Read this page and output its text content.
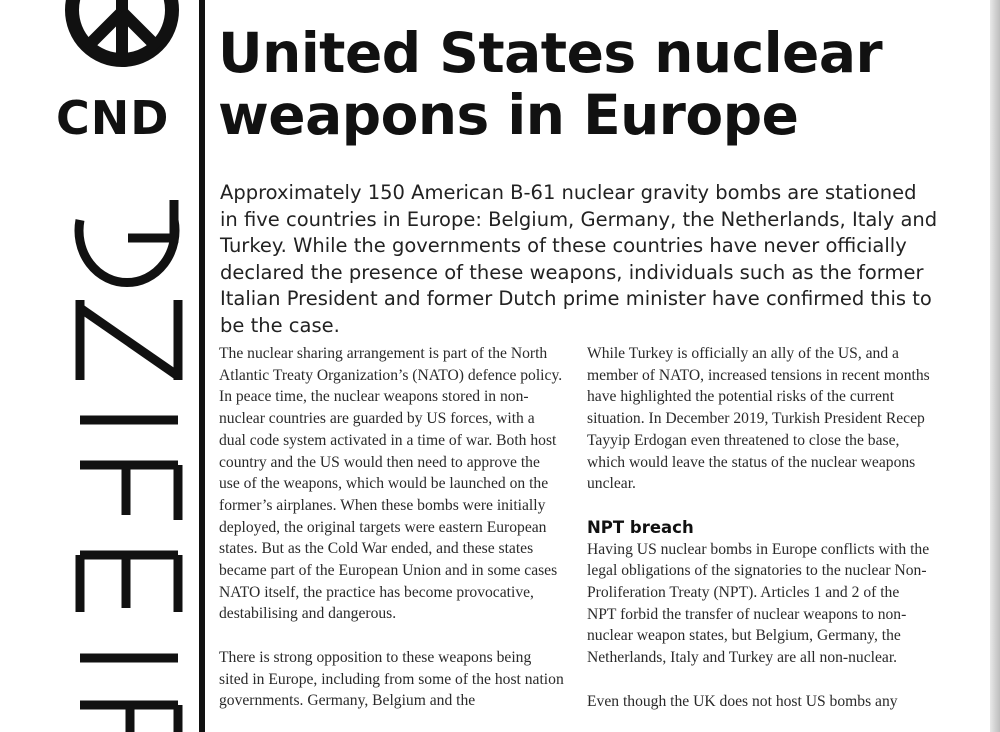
CND
United States nuclear
weapons in Europe

Approximately 150 American B-61 nuclear gravity bombs are stationed in five countries in Europe: Belgium, Germany, the Netherlands, Italy and Turkey. While the governments of these countries have never officially declared the presence of these weapons, individuals such as the former Italian President and former Dutch prime minister have confirmed this to be the case.

The nuclear sharing arrangement is part of the North Atlantic Treaty Organization’s (NATO) defence policy. In peace time, the nuclear weapons stored in non-nuclear countries are guarded by US forces, with a dual code system activated in a time of war. Both host country and the US would then need to approve the use of the weapons, which would be launched on the former’s airplanes. When these bombs were initially deployed, the original targets were eastern European states. But as the Cold War ended, and these states became part of the European Union and in some cases NATO itself, the practice has become provocative, destabilising and dangerous.

There is strong opposition to these weapons being sited in Europe, including from some of the host nation governments. Germany, Belgium and the

While Turkey is officially an ally of the US, and a member of NATO, increased tensions in recent months have highlighted the potential risks of the current situation. In December 2019, Turkish President Recep Tayyip Erdogan even threatened to close the base, which would leave the status of the nuclear weapons unclear.

NPT breach

Having US nuclear bombs in Europe conflicts with the legal obligations of the signatories to the nuclear Non-Proliferation Treaty (NPT). Articles 1 and 2 of the NPT forbid the transfer of nuclear weapons to non-nuclear weapon states, but Belgium, Germany, the Netherlands, Italy and Turkey are all non-nuclear.

Even though the UK does not host US bombs any
